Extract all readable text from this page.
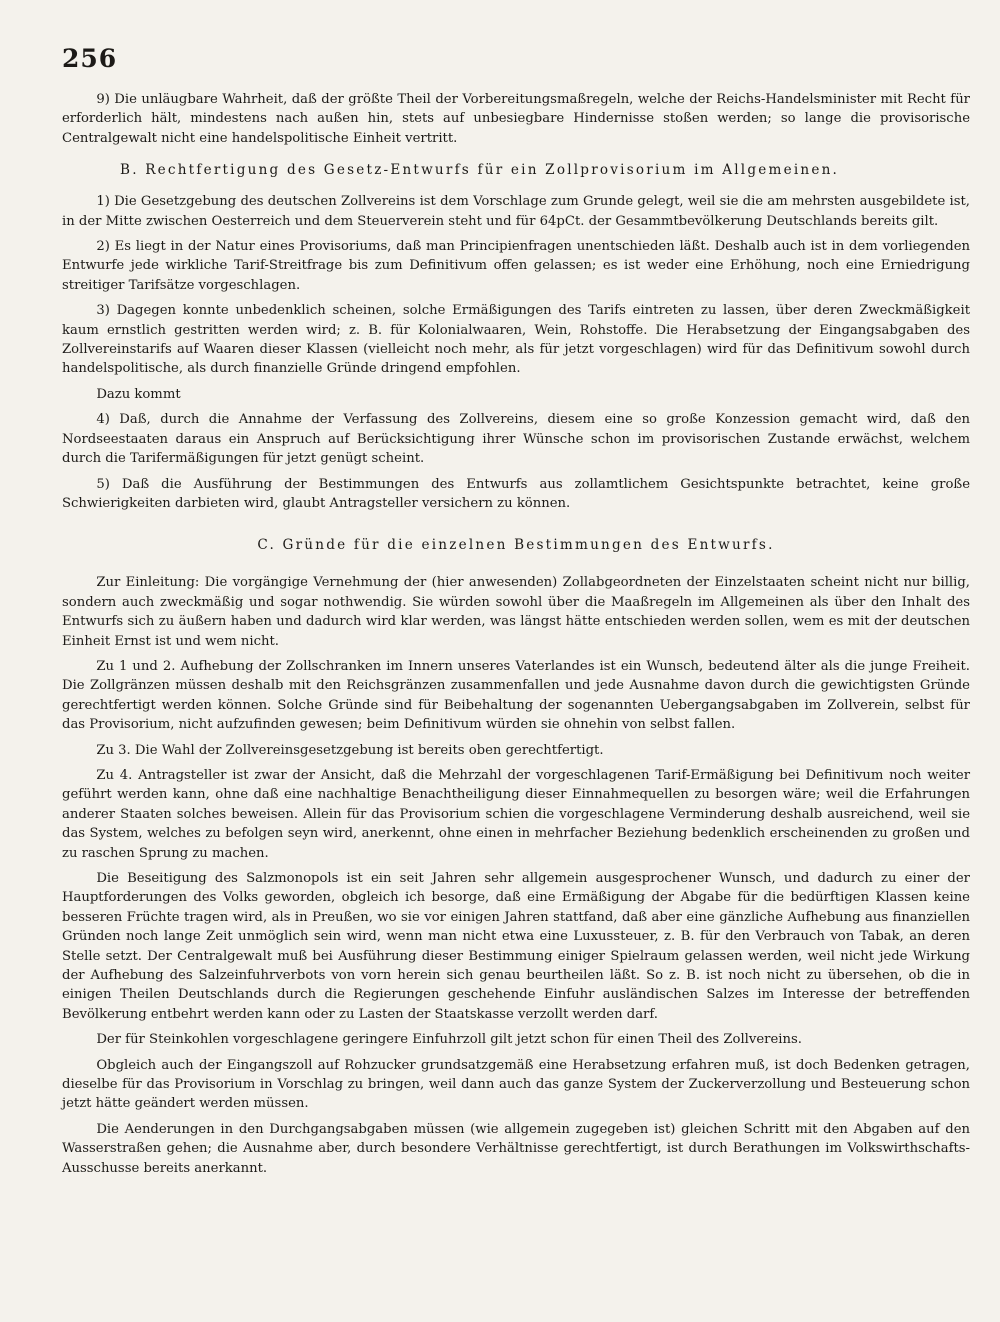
256

9) Die unläugbare Wahrheit, daß der größte Theil der Vorbereitungsmaßregeln, welche der Reichs-Handelsminister mit Recht für erforderlich hält, mindestens nach außen hin, stets auf unbesiegbare Hindernisse stoßen werden; so lange die provisorische Centralgewalt nicht eine handelspolitische Einheit vertritt.

B. Rechtfertigung des Gesetz-Entwurfs für ein Zollprovisorium im Allgemeinen.

1) Die Gesetzgebung des deutschen Zollvereins ist dem Vorschlage zum Grunde gelegt, weil sie die am mehrsten ausgebildete ist, in der Mitte zwischen Oesterreich und dem Steuerverein steht und für 64pCt. der Gesammtbevölkerung Deutschlands bereits gilt.

2) Es liegt in der Natur eines Provisoriums, daß man Principienfragen unentschieden läßt. Deshalb auch ist in dem vorliegenden Entwurfe jede wirkliche Tarif-Streitfrage bis zum Definitivum offen gelassen; es ist weder eine Erhöhung, noch eine Erniedrigung streitiger Tarifsätze vorgeschlagen.

3) Dagegen konnte unbedenklich scheinen, solche Ermäßigungen des Tarifs eintreten zu lassen, über deren Zweckmäßigkeit kaum ernstlich gestritten werden wird; z. B. für Kolonialwaaren, Wein, Rohstoffe. Die Herabsetzung der Eingangsabgaben des Zollvereinstarifs auf Waaren dieser Klassen (vielleicht noch mehr, als für jetzt vorgeschlagen) wird für das Definitivum sowohl durch handelspolitische, als durch finanzielle Gründe dringend empfohlen.

Dazu kommt

4) Daß, durch die Annahme der Verfassung des Zollvereins, diesem eine so große Konzession gemacht wird, daß den Nordseestaaten daraus ein Anspruch auf Berücksichtigung ihrer Wünsche schon im provisorischen Zustande erwächst, welchem durch die Tarifermäßigungen für jetzt genügt scheint.

5) Daß die Ausführung der Bestimmungen des Entwurfs aus zollamtlichem Gesichtspunkte betrachtet, keine große Schwierigkeiten darbieten wird, glaubt Antragsteller versichern zu können.

C. Gründe für die einzelnen Bestimmungen des Entwurfs.

Zur Einleitung: Die vorgängige Vernehmung der (hier anwesenden) Zollabgeordneten der Einzelstaaten scheint nicht nur billig, sondern auch zweckmäßig und sogar nothwendig. Sie würden sowohl über die Maaßregeln im Allgemeinen als über den Inhalt des Entwurfs sich zu äußern haben und dadurch wird klar werden, was längst hätte entschieden werden sollen, wem es mit der deutschen Einheit Ernst ist und wem nicht.

Zu 1 und 2. Aufhebung der Zollschranken im Innern unseres Vaterlandes ist ein Wunsch, bedeutend älter als die junge Freiheit. Die Zollgränzen müssen deshalb mit den Reichsgränzen zusammenfallen und jede Ausnahme davon durch die gewichtigsten Gründe gerechtfertigt werden können. Solche Gründe sind für Beibehaltung der sogenannten Uebergangsabgaben im Zollverein, selbst für das Provisorium, nicht aufzufinden gewesen; beim Definitivum würden sie ohnehin von selbst fallen.

Zu 3. Die Wahl der Zollvereinsgesetzgebung ist bereits oben gerechtfertigt.

Zu 4. Antragsteller ist zwar der Ansicht, daß die Mehrzahl der vorgeschlagenen Tarif-Ermäßigung bei Definitivum noch weiter geführt werden kann, ohne daß eine nachhaltige Benachtheiligung dieser Einnahmequellen zu besorgen wäre; weil die Erfahrungen anderer Staaten solches beweisen. Allein für das Provisorium schien die vorgeschlagene Verminderung deshalb ausreichend, weil sie das System, welches zu befolgen seyn wird, anerkennt, ohne einen in mehrfacher Beziehung bedenklich erscheinenden zu großen und zu raschen Sprung zu machen.

Die Beseitigung des Salzmonopols ist ein seit Jahren sehr allgemein ausgesprochener Wunsch, und dadurch zu einer der Hauptforderungen des Volks geworden, obgleich ich besorge, daß eine Ermäßigung der Abgabe für die bedürftigen Klassen keine besseren Früchte tragen wird, als in Preußen, wo sie vor einigen Jahren stattfand, daß aber eine gänzliche Aufhebung aus finanziellen Gründen noch lange Zeit unmöglich sein wird, wenn man nicht etwa eine Luxussteuer, z. B. für den Verbrauch von Tabak, an deren Stelle setzt. Der Centralgewalt muß bei Ausführung dieser Bestimmung einiger Spielraum gelassen werden, weil nicht jede Wirkung der Aufhebung des Salzeinfuhrverbots von vorn herein sich genau beurtheilen läßt. So z. B. ist noch nicht zu übersehen, ob die in einigen Theilen Deutschlands durch die Regierungen geschehende Einfuhr ausländischen Salzes im Interesse der betreffenden Bevölkerung entbehrt werden kann oder zu Lasten der Staatskasse verzollt werden darf.

Der für Steinkohlen vorgeschlagene geringere Einfuhrzoll gilt jetzt schon für einen Theil des Zollvereins.

Obgleich auch der Eingangszoll auf Rohzucker grundsatzgemäß eine Herabsetzung erfahren muß, ist doch Bedenken getragen, dieselbe für das Provisorium in Vorschlag zu bringen, weil dann auch das ganze System der Zuckerverzollung und Besteuerung schon jetzt hätte geändert werden müssen.

Die Aenderungen in den Durchgangsabgaben müssen (wie allgemein zugegeben ist) gleichen Schritt mit den Abgaben auf den Wasserstraßen gehen; die Ausnahme aber, durch besondere Verhältnisse gerechtfertigt, ist durch Berathungen im Volkswirthschafts-Ausschusse bereits anerkannt.
